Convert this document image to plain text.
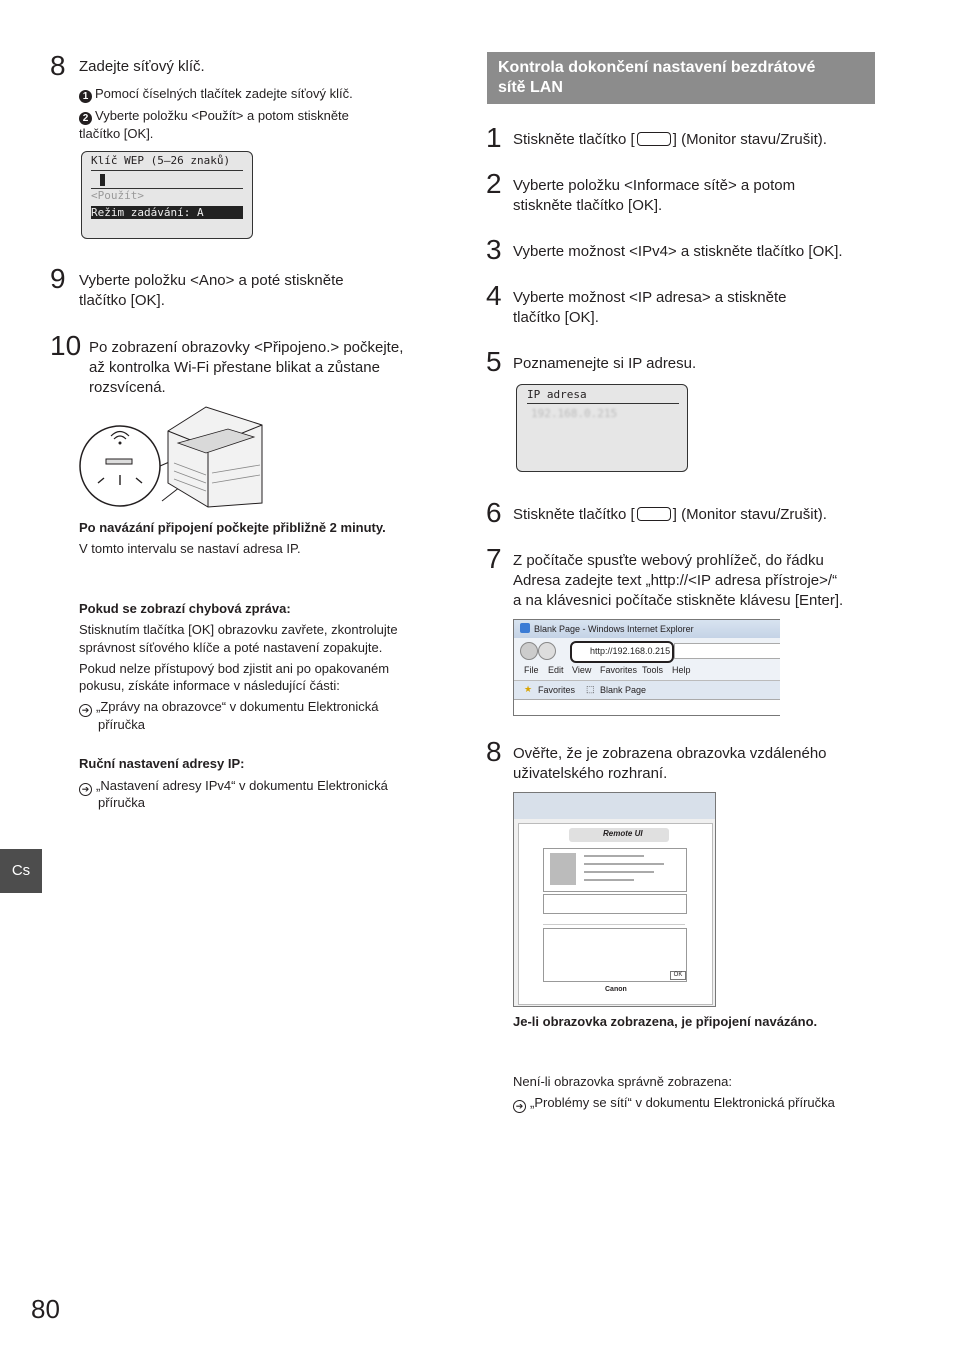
8 Zadejte síťový klíč.
1 Pomocí číselných tlačítek zadejte síťový klíč.
2 Vyberte položku <Použít> a potom stiskněte
tlačítko [OK].
Klíč WEP (5–26 znaků)
<Použít>
Režim zadávání: A
9 Vyberte položku <Ano> a poté stiskněte
tlačítko [OK].
10 Po zobrazení obrazovky <Připojeno.> počkejte,
až kontrolka Wi-Fi přestane blikat a zůstane
rozsvícená.
Po navázání připojení počkejte přibližně 2 minuty.
V tomto intervalu se nastaví adresa IP.
Pokud se zobrazí chybová zpráva:
Stisknutím tlačítka [OK] obrazovku zavřete, zkontrolujte
správnost síťového klíče a poté nastavení zopakujte.
Pokud nelze přístupový bod zjistit ani po opakovaném
pokusu, získáte informace v následující části:
➔ „Zprávy na obrazovce“ v dokumentu Elektronická
příručka
Ruční nastavení adresy IP:
➔ „Nastavení adresy IPv4“ v dokumentu Elektronická
příručka
Cs
80
Kontrola dokončení nastavení bezdrátové
sítě LAN
1 Stiskněte tlačítko [	] (Monitor stavu/Zrušit).
2 Vyberte položku <Informace sítě> a potom
stiskněte tlačítko [OK].
3 Vyberte možnost <IPv4> a stiskněte tlačítko [OK].
4 Vyberte možnost <IP adresa> a stiskněte
tlačítko [OK].
5 Poznamenejte si IP adresu.
IP adresa
192.168.0.215
6 Stiskněte tlačítko [	] (Monitor stavu/Zrušit).
7 Z počítače spusťte webový prohlížeč, do řádku
Adresa zadejte text „http://<IP adresa přístroje>/“
a na klávesnici počítače stiskněte klávesu [Enter].
Blank Page - Windows Internet Explorer
http://192.168.0.215
File Edit View Favorites Tools Help
★ Favorites ⬚ Blank Page
8 Ověřte, že je zobrazena obrazovka vzdáleného
uživatelského rozhraní.
Remote UI
OK
Canon
Je-li obrazovka zobrazena, je připojení navázáno.
Není-li obrazovka správně zobrazena:
➔ „Problémy se sítí“ v dokumentu Elektronická příručka
